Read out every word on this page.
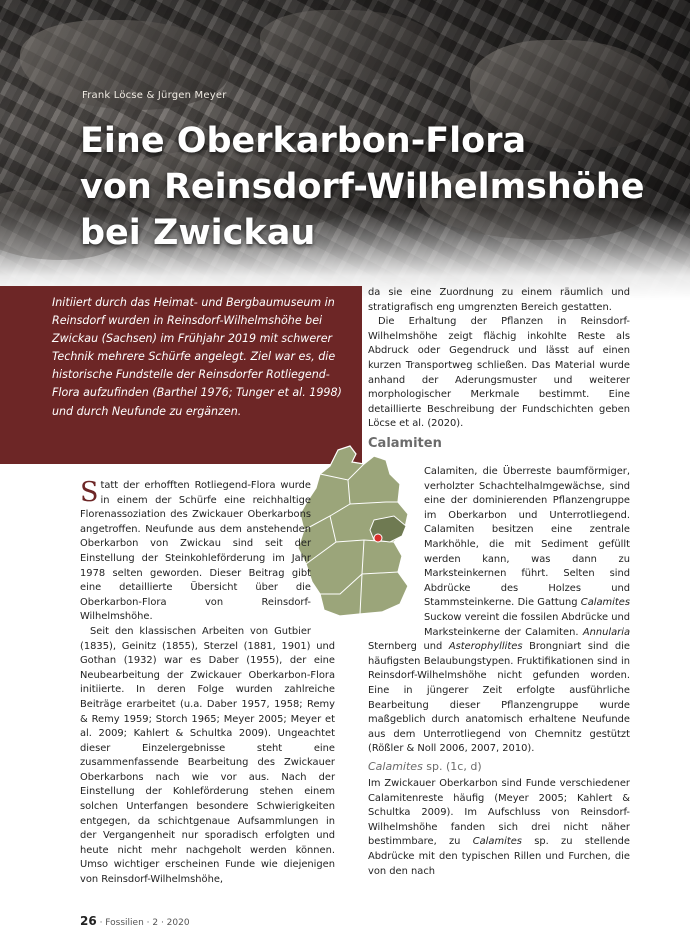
Frank Löcse & Jürgen Meyer
Eine Oberkarbon-Flora
von Reinsdorf-Wilhelmshöhe
bei Zwickau
Initiiert durch das Heimat- und Bergbaumuseum in Reinsdorf wurden in Reinsdorf-Wilhelmshöhe bei Zwickau (Sachsen) im Frühjahr 2019 mit schwerer Technik mehrere Schürfe angelegt. Ziel war es, die historische Fundstelle der Reinsdorfer Rotliegend-Flora aufzufinden (Barthel 1976; Tunger et al. 1998) und durch Neufunde zu ergänzen.

da sie eine Zuordnung zu einem räumlich und stratigrafisch eng umgrenzten Bereich gestatten.

Die Erhaltung der Pflanzen in Reinsdorf-Wilhelmshöhe zeigt flächig inkohlte Reste als Abdruck oder Gegendruck und lässt auf einen kurzen Transportweg schließen. Das Material wurde anhand der Aderungsmuster und weiterer morphologischer Merkmale bestimmt. Eine detaillierte Beschreibung der Fundschichten geben Löcse et al. (2020).

Calamiten

Statt der erhofften Rotliegend-Flora wurde in einem der Schürfe eine reichhaltige Florenassoziation des Zwickauer Oberkarbons angetroffen. Neufunde aus dem anstehenden Oberkarbon von Zwickau sind seit der Einstellung der Steinkohleförderung im Jahr 1978 selten geworden. Dieser Beitrag gibt eine detaillierte Übersicht über die Oberkarbon-Flora von Reinsdorf-Wilhelmshöhe.

Seit den klassischen Arbeiten von Gutbier (1835), Geinitz (1855), Sterzel (1881, 1901) und Gothan (1932) war es Daber (1955), der eine Neubearbeitung der Zwickauer Oberkarbon-Flora initiierte. In deren Folge wurden zahlreiche Beiträge erarbeitet (u.a. Daber 1957, 1958; Remy & Remy 1959; Storch 1965; Meyer 2005; Meyer et al. 2009; Kahlert & Schultka 2009). Ungeachtet dieser Einzelergebnisse steht eine zusammenfassende Bearbeitung des Zwickauer Oberkarbons nach wie vor aus. Nach der Einstellung der Kohleförderung stehen einem solchen Unterfangen besondere Schwierigkeiten entgegen, da schichtgenaue Aufsammlungen in der Vergangenheit nur sporadisch erfolgten und heute nicht mehr nachgeholt werden können. Umso wichtiger erscheinen Funde wie diejenigen von Reinsdorf-Wilhelmshöhe,

Calamiten, die Überreste baumförmiger, verholzter Schachtelhalmgewächse, sind eine der dominierenden Pflanzengruppe im Oberkarbon und Unterrotliegend. Calamiten besitzen eine zentrale Markhöhle, die mit Sediment gefüllt werden kann, was dann zu Marksteinkernen führt. Selten sind Abdrücke des Holzes und Stammsteinkerne. Die Gattung Calamites Suckow vereint die fossilen Abdrücke und Marksteinkerne der Calamiten. Annularia Sternberg und Asterophyllites Brongniart sind die häufigsten Belaubungstypen. Fruktifikationen sind in Reinsdorf-Wilhelmshöhe nicht gefunden worden. Eine in jüngerer Zeit erfolgte ausführliche Bearbeitung dieser Pflanzengruppe wurde maßgeblich durch anatomisch erhaltene Neufunde aus dem Unterrotliegend von Chemnitz gestützt (Rößler & Noll 2006, 2007, 2010).

Calamites sp. (1c, d)

Im Zwickauer Oberkarbon sind Funde verschiedener Calamitenreste häufig (Meyer 2005; Kahlert & Schultka 2009). Im Aufschluss von Reinsdorf-Wilhelmshöhe fanden sich drei nicht näher bestimmbare, zu Calamites sp. zu stellende Abdrücke mit den typischen Rillen und Furchen, die von den nach

26 · Fossilien · 2 · 2020
